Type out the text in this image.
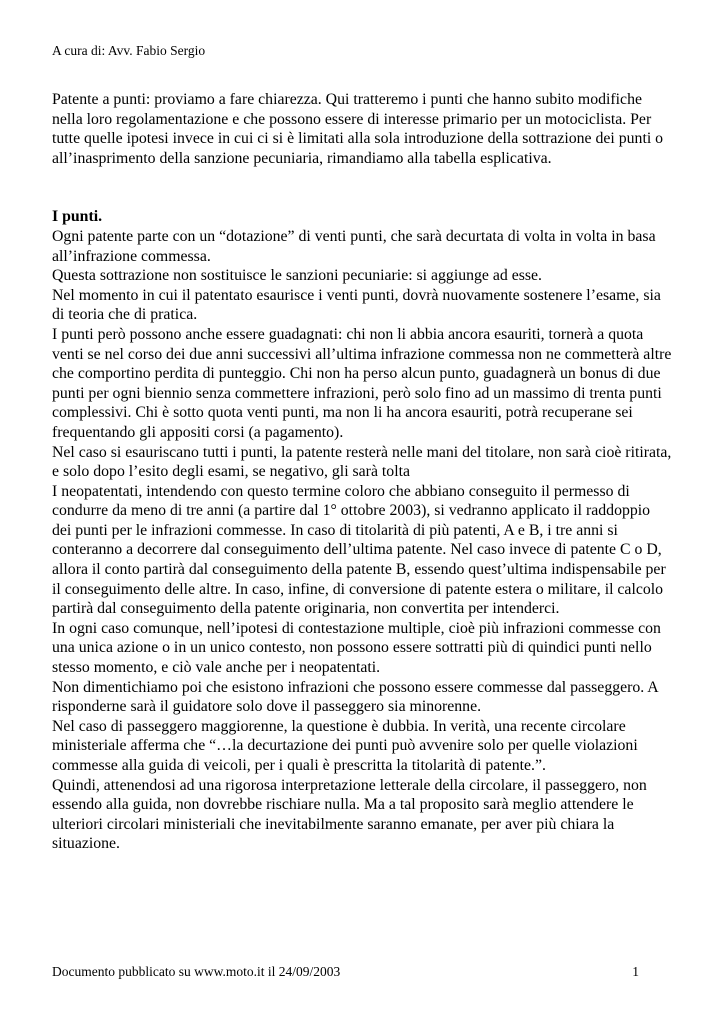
A cura di: Avv. Fabio Sergio

Patente a punti: proviamo a fare chiarezza. Qui tratteremo i punti che hanno subito modifiche nella loro regolamentazione e che possono essere di interesse primario per un motociclista. Per tutte quelle ipotesi invece in cui ci si è limitati alla sola introduzione della sottrazione dei punti o all’inasprimento della sanzione pecuniaria, rimandiamo alla tabella esplicativa.

I punti.

Ogni patente parte con un “dotazione” di venti punti, che sarà decurtata di volta in volta in basa all’infrazione commessa.

Questa sottrazione non sostituisce le sanzioni pecuniarie: si aggiunge ad esse.

Nel momento in cui il patentato esaurisce i venti punti, dovrà nuovamente sostenere l’esame, sia di teoria che di pratica.

I punti però possono anche essere guadagnati: chi non li abbia ancora esauriti, tornerà a quota venti se nel corso dei due anni successivi all’ultima infrazione commessa non ne commetterà altre che comportino perdita di punteggio. Chi non ha perso alcun punto, guadagnerà un bonus di due punti per ogni biennio senza commettere infrazioni, però solo fino ad un massimo di trenta punti complessivi. Chi è sotto quota venti punti, ma non li ha ancora esauriti, potrà recuperane sei frequentando gli appositi corsi (a pagamento).

Nel caso si esauriscano tutti i punti, la patente resterà nelle mani del titolare, non sarà cioè ritirata, e solo dopo l’esito degli esami, se negativo, gli sarà tolta

I neopatentati, intendendo con questo termine coloro che abbiano conseguito il permesso di condurre da meno di tre anni (a partire dal 1° ottobre 2003), si vedranno applicato il raddoppio dei punti per le infrazioni commesse. In caso di titolarità di più patenti, A e B, i tre anni si conteranno a decorrere dal conseguimento dell’ultima patente. Nel caso invece di patente C o D, allora il conto partirà dal conseguimento della patente B, essendo quest’ultima indispensabile per il conseguimento delle altre. In caso, infine, di conversione di patente estera o militare, il calcolo partirà dal conseguimento della patente originaria, non convertita per intenderci.

In ogni caso comunque, nell’ipotesi di contestazione multiple, cioè più infrazioni commesse con una unica azione o in un unico contesto, non possono essere sottratti più di quindici punti nello stesso momento, e ciò vale anche per i neopatentati.

Non dimentichiamo poi che esistono infrazioni che possono essere commesse dal passeggero. A risponderne sarà il guidatore solo dove il passeggero sia minorenne.

Nel caso di passeggero maggiorenne, la questione è dubbia. In verità, una recente circolare ministeriale afferma che “…la decurtazione dei punti può avvenire solo per quelle violazioni commesse alla guida di veicoli, per i quali è prescritta la titolarità di patente.”.

Quindi, attenendosi ad una rigorosa interpretazione letterale della circolare, il passeggero, non essendo alla guida, non dovrebbe rischiare nulla. Ma a tal proposito sarà meglio attendere le ulteriori circolari ministeriali che inevitabilmente saranno emanate, per aver più chiara la situazione.

Documento pubblicato su www.moto.it il 24/09/2003	1
